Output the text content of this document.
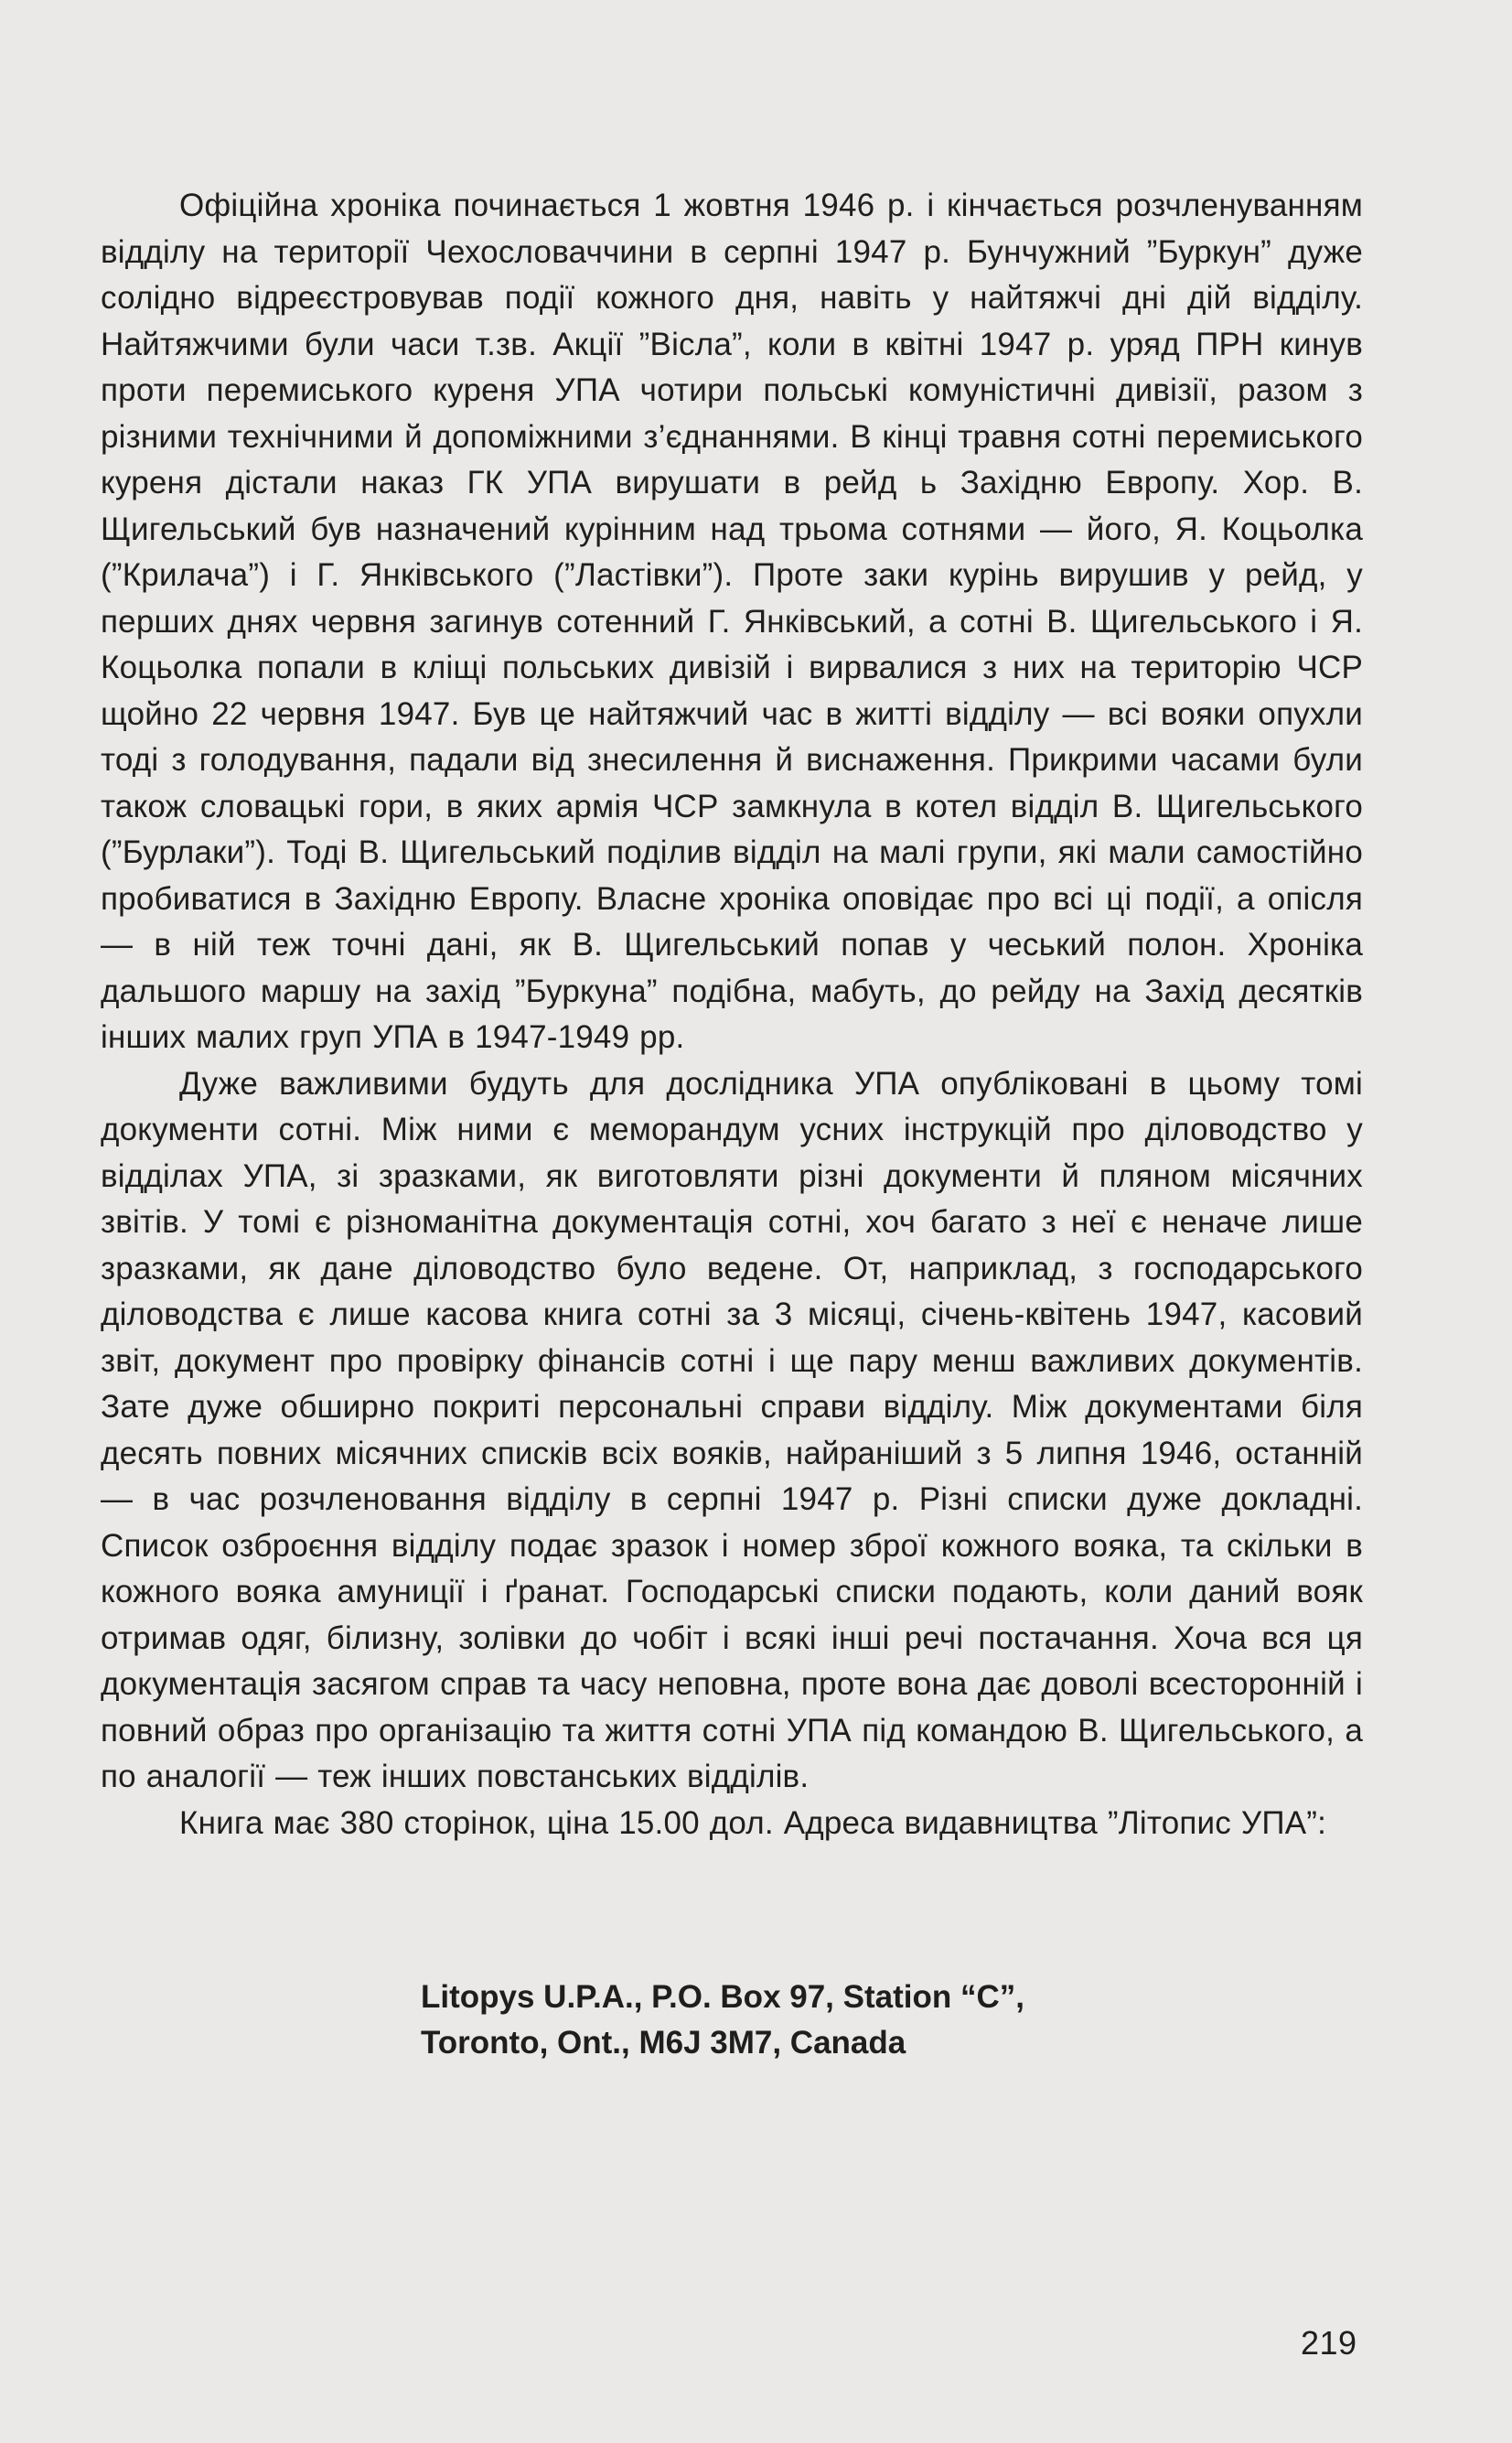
Офіційна хроніка починається 1 жовтня 1946 р. і кінчається розчленуванням відділу на території Чехословаччини в серпні 1947 р. Бунчужний ”Буркун” дуже солідно відреєстровував події кожного дня, навіть у найтяжчі дні дій відділу. Найтяжчими були часи т.зв. Акції ”Вісла”, коли в квітні 1947 р. уряд ПРН кинув проти перемиського куреня УПА чотири польські комуністичні дивізії, разом з різними технічними й допоміжними з’єднаннями. В кінці травня сотні перемиського куреня дістали наказ ГК УПА вирушати в рейд ь Західню Европу. Хор. В. Щигельський був назначений курінним над трьома сотнями — його, Я. Коцьолка (”Крилача”) і Г. Янківського (”Ластівки”). Проте заки курінь вирушив у рейд, у перших днях червня загинув сотенний Г. Янківський, а сотні В. Щигельського і Я. Коцьолка попали в кліщі польських дивізій і вирвалися з них на територію ЧСР щойно 22 червня 1947. Був це найтяжчий час в житті відділу — всі вояки опухли тоді з голодування, падали від знесилення й виснаження. Прикрими часами були також словацькі гори, в яких армія ЧСР замкнула в котел відділ В. Щигельського (”Бурлаки”). Тоді В. Щигельський поділив відділ на малі групи, які мали самостійно пробиватися в Західню Европу. Власне хроніка оповідає про всі ці події, а опісля — в ній теж точні дані, як В. Щигельський попав у чеський полон. Хроніка дальшого маршу на захід ”Буркуна” подібна, мабуть, до рейду на Захід десятків інших малих груп УПА в 1947-1949 рр.

Дуже важливими будуть для дослідника УПА опубліковані в цьому томі документи сотні. Між ними є меморандум усних інструкцій про діловодство у відділах УПА, зі зразками, як виготовляти різні документи й пляном місячних звітів. У томі є різноманітна документація сотні, хоч багато з неї є неначе лише зразками, як дане діловодство було ведене. От, наприклад, з господарського діловодства є лише касова книга сотні за 3 місяці, січень-квітень 1947, касовий звіт, документ про провірку фінансів сотні і ще пару менш важливих документів. Зате дуже обширно покриті персональні справи відділу. Між документами біля десять повних місячних списків всіх вояків, найраніший з 5 липня 1946, останній — в час розчленовання відділу в серпні 1947 р. Різні списки дуже докладні. Список озброєння відділу подає зразок і номер зброї кожного вояка, та скільки в кожного вояка амуниції і ґранат. Господарські списки подають, коли даний вояк отримав одяг, білизну, золівки до чобіт і всякі інші речі постачання. Хоча вся ця документація засягом справ та часу неповна, проте вона дає доволі всесторонній і повний образ про організацію та життя сотні УПА під командою В. Щигельського, а по аналогії — теж інших повстанських відділів.

Книга має 380 сторінок, ціна 15.00 дол. Адреса видавництва ”Літопис УПА”:

Litopys U.P.A., P.O. Box 97, Station “C”,
Toronto, Ont., M6J 3M7, Canada
219
